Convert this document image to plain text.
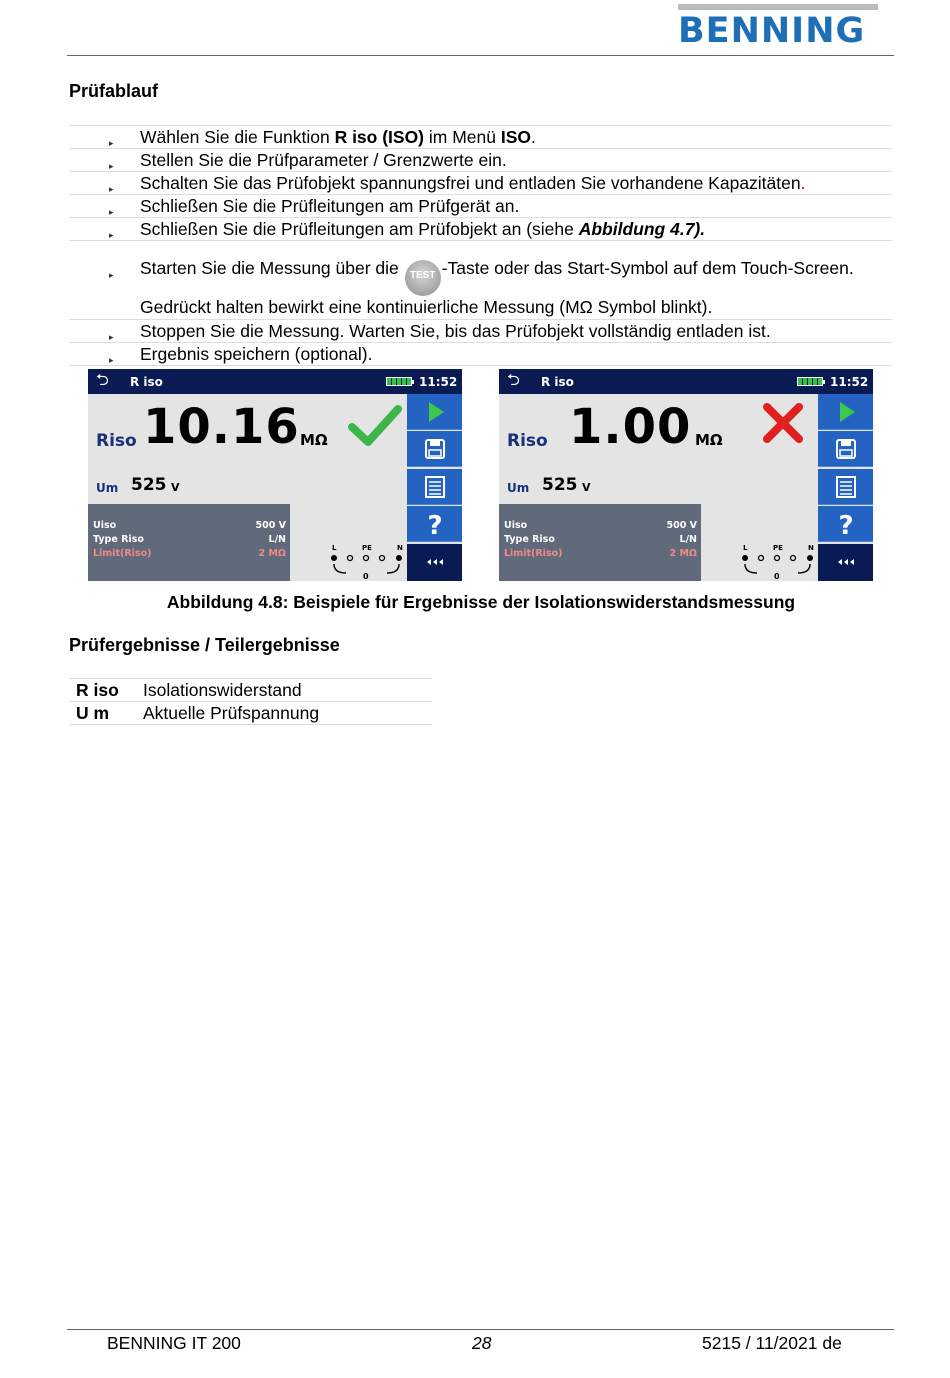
BENNING
Prüfablauf
▸	Wählen Sie die Funktion R iso (ISO) im Menü ISO.
▸	Stellen Sie die Prüfparameter / Grenzwerte ein.
▸	Schalten Sie das Prüfobjekt spannungsfrei und entladen Sie vorhandene Kapazitäten.
▸	Schließen Sie die Prüfleitungen am Prüfgerät an.
▸	Schließen Sie die Prüfleitungen am Prüfobjekt an (siehe Abbildung 4.7).
▸	Starten Sie die Messung über die TEST -Taste oder das Start-Symbol auf dem Touch-Screen. Gedrückt halten bewirkt eine kontinuierliche Messung (MΩ Symbol blinkt).
▸	Stoppen Sie die Messung. Warten Sie, bis das Prüfobjekt vollständig entladen ist.
▸	Ergebnis speichern (optional).
⮌ R iso	11:52
Riso 10.16 MΩ
Um 525 V
Uiso	500 V
Type Riso	L/N
Limit(Riso)	2 MΩ	L	PE	N
0
?
⮌ R iso	11:52
Riso 1.00 MΩ
Um 525 V
Uiso	500 V
Type Riso	L/N
Limit(Riso)	2 MΩ	L	PE	N
0
?
Abbildung 4.8: Beispiele für Ergebnisse der Isolationswiderstandsmessung
Prüfergebnisse / Teilergebnisse
R iso Isolationswiderstand
U m Aktuelle Prüfspannung
BENNING IT 200	28	5215 / 11/2021 de
